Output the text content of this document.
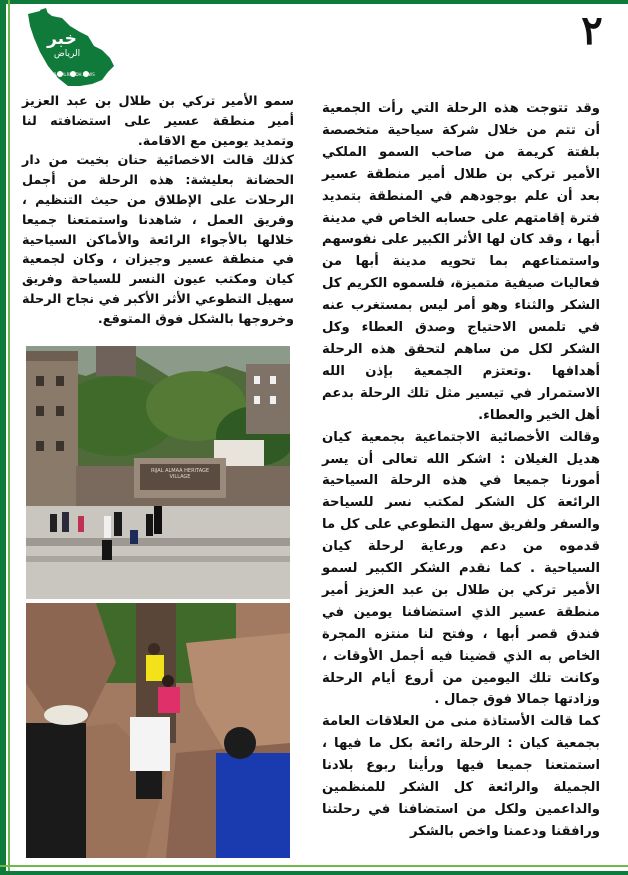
خبر
الرياض

AKHBARALRIYADH.NEWS
٢

وقد تتوجت هذه الرحلة التي رأت الجمعية أن تتم من خلال شركة سياحية متخصصة بلفتة كريمة من صاحب السمو الملكي الأمير تركي بن طلال أمير منطقة عسير بعد أن علم بوجودهم في المنطقة بتمديد فترة إقامتهم على حسابه الخاص في مدينة أبها ، وقد كان لها الأثر الكبير على نفوسهم واستمتاعهم بما تحويه مدينة أبها من فعاليات صيفية متميزة، فلسموه الكريم كل الشكر والثناء وهو أمر ليس بمستغرب عنه في تلمس الاحتياج وصدق العطاء وكل الشكر لكل من ساهم لتحقق هذه الرحلة أهدافها .وتعتزم الجمعية بإذن الله الاستمرار في تيسير مثل تلك الرحلة بدعم أهل الخير والعطاء.

وقالت الأخصائية الاجتماعية بجمعية كيان هديل الغيلان : اشكر الله تعالى أن يسر أمورنا جميعا في هذه الرحلة السياحية الرائعة كل الشكر لمكتب نسر للسياحة والسفر ولفريق سهل التطوعي على كل ما قدموه من دعم ورعاية لرحلة كيان السياحية . كما نقدم الشكر الكبير لسمو الأمير تركي بن طلال بن عبد العزيز أمير منطقة عسير الذي استضافنا يومين في فندق قصر أبها ، وفتح لنا منتزه المجرة الخاص به الذي قضينا فيه أجمل الأوقات ، وكانت تلك اليومين من أروع أيام الرحلة وزادتها جمالا فوق جمال .

كما قالت الأستاذة منى من العلاقات العامة بجمعية كيان : الرحلة رائعة بكل ما فيها ، استمتعنا جميعا فيها ورأينا ربوع بلادنا الجميلة والرائعة كل الشكر للمنظمين والداعمين ولكل من استضافنا في رحلتنا ورافقنا ودعمنا واخص بالشكر

سمو الأمير تركي بن طلال بن عبد العزيز أمير منطقة عسير على استضافته لنا وتمديد يومين مع الاقامة.

كذلك قالت الاخصائية حنان بخيت من دار الحضانة بعليشة: هذه الرحلة من أجمل الرحلات على الإطلاق من حيث التنظيم ، وفريق العمل ، شاهدنا واستمتعنا جميعا خلالها بالأجواء الرائعة والأماكن السياحية في منطقة عسير وجيزان ، وكان لجمعية كيان ومكتب عيون النسر للسياحة وفريق سهيل التطوعي الأثر الأكبر في نجاح الرحلة وخروجها بالشكل فوق المتوقع.

RIJAL ALMAA HERITAGE VILLAGE
